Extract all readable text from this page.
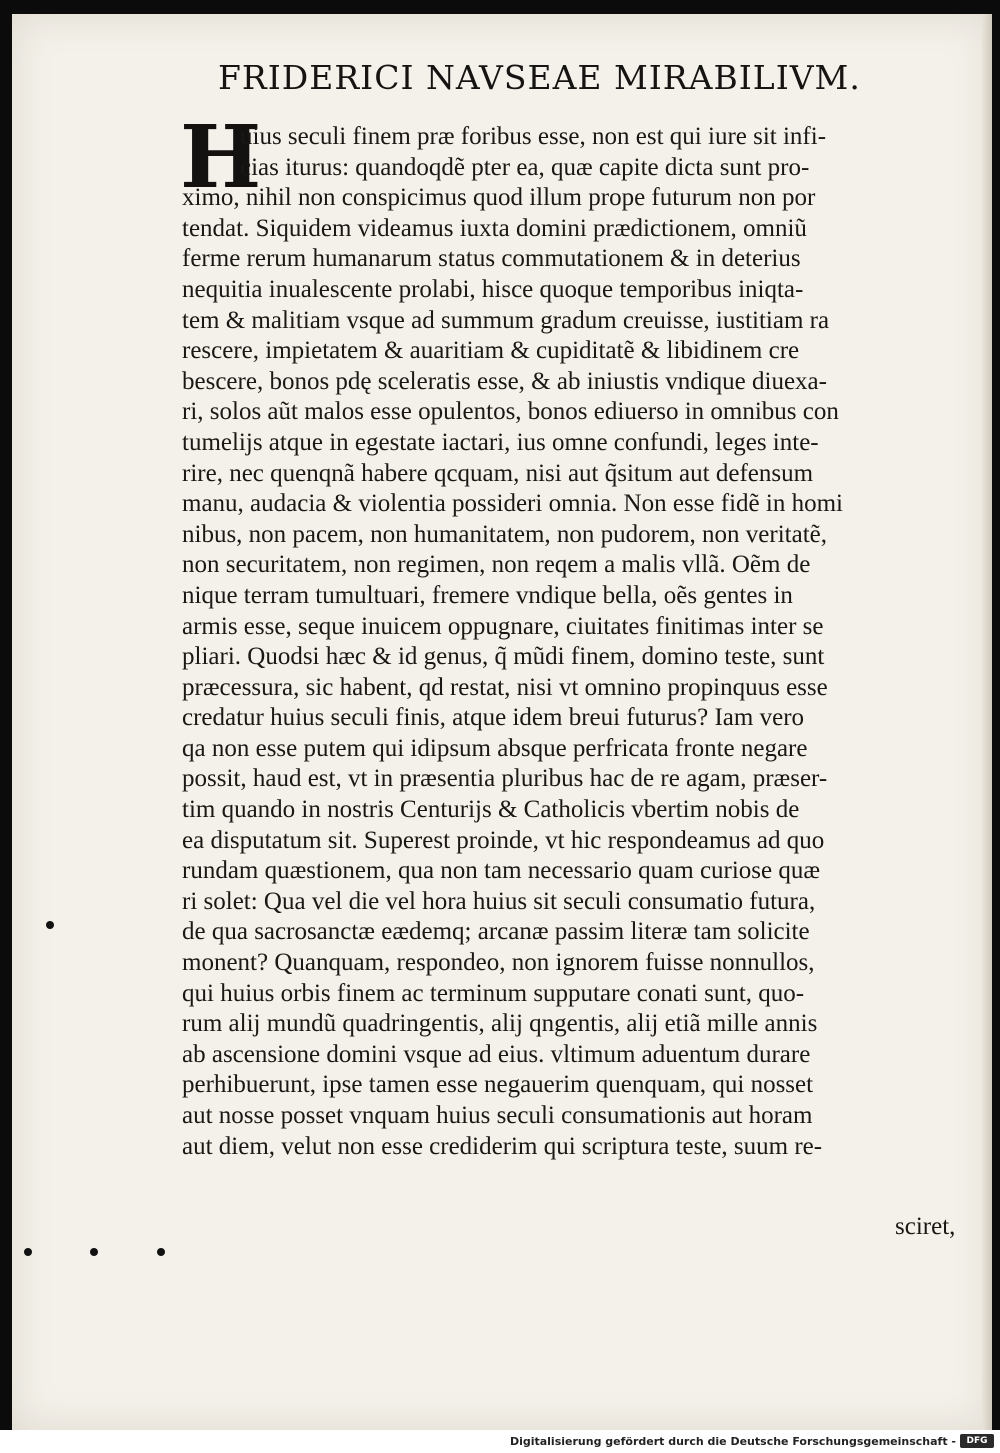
FRIDERICI NAVSEAE MIRABILIVM.
H
uius seculi finem præ foribus esse, non est qui iure sit infi-
cias iturus: quandoqdẽ pter ea, quæ capite dicta sunt pro-
ximo, nihil non conspicimus quod illum prope futurum non por
tendat. Siquidem videamus iuxta domini prædictionem, omniũ
ferme rerum humanarum status commutationem & in deterius
nequitia inualescente prolabi, hisce quoque temporibus iniqta-
tem & malitiam vsque ad summum gradum creuisse, iustitiam ra
rescere, impietatem & auaritiam & cupiditatẽ & libidinem cre
bescere, bonos pdę sceleratis esse, & ab iniustis vndique diuexa-
ri, solos aũt malos esse opulentos, bonos ediuerso in omnibus con
tumelijs atque in egestate iactari, ius omne confundi, leges inte-
rire, nec quenqnã habere qcquam, nisi aut q̃situm aut defensum
manu, audacia & violentia possideri omnia. Non esse fidẽ in homi
nibus, non pacem, non humanitatem, non pudorem, non veritatẽ,
non securitatem, non regimen, non reqem a malis vllã. Oẽm de
nique terram tumultuari, fremere vndique bella, oẽs gentes in
armis esse, seque inuicem oppugnare, ciuitates finitimas inter se
pliari. Quodsi hæc & id genus, q̃ mũdi finem, domino teste, sunt
præcessura, sic habent, qd restat, nisi vt omnino propinquus esse
credatur huius seculi finis, atque idem breui futurus? Iam vero
qa non esse putem qui idipsum absque perfricata fronte negare
possit, haud est, vt in præsentia pluribus hac de re agam, præser-
tim quando in nostris Centurijs & Catholicis vbertim nobis de
ea disputatum sit. Superest proinde, vt hic respondeamus ad quo
rundam quæstionem, qua non tam necessario quam curiose quæ
ri solet: Qua vel die vel hora huius sit seculi consumatio futura,
de qua sacrosanctæ eædemq; arcanæ passim literæ tam solicite
monent? Quanquam, respondeo, non ignorem fuisse nonnullos,
qui huius orbis finem ac terminum supputare conati sunt, quo-
rum alij mundũ quadringentis, alij qngentis, alij etiã mille annis
ab ascensione domini vsque ad eius. vltimum aduentum durare
perhibuerunt, ipse tamen esse negauerim quenquam, qui nosset
aut nosse posset vnquam huius seculi consumationis aut horam
aut diem, velut non esse crediderim qui scriptura teste, suum re-
sciret,
Digitalisierung gefördert durch die Deutsche Forschungsgemeinschaft -	DFG
